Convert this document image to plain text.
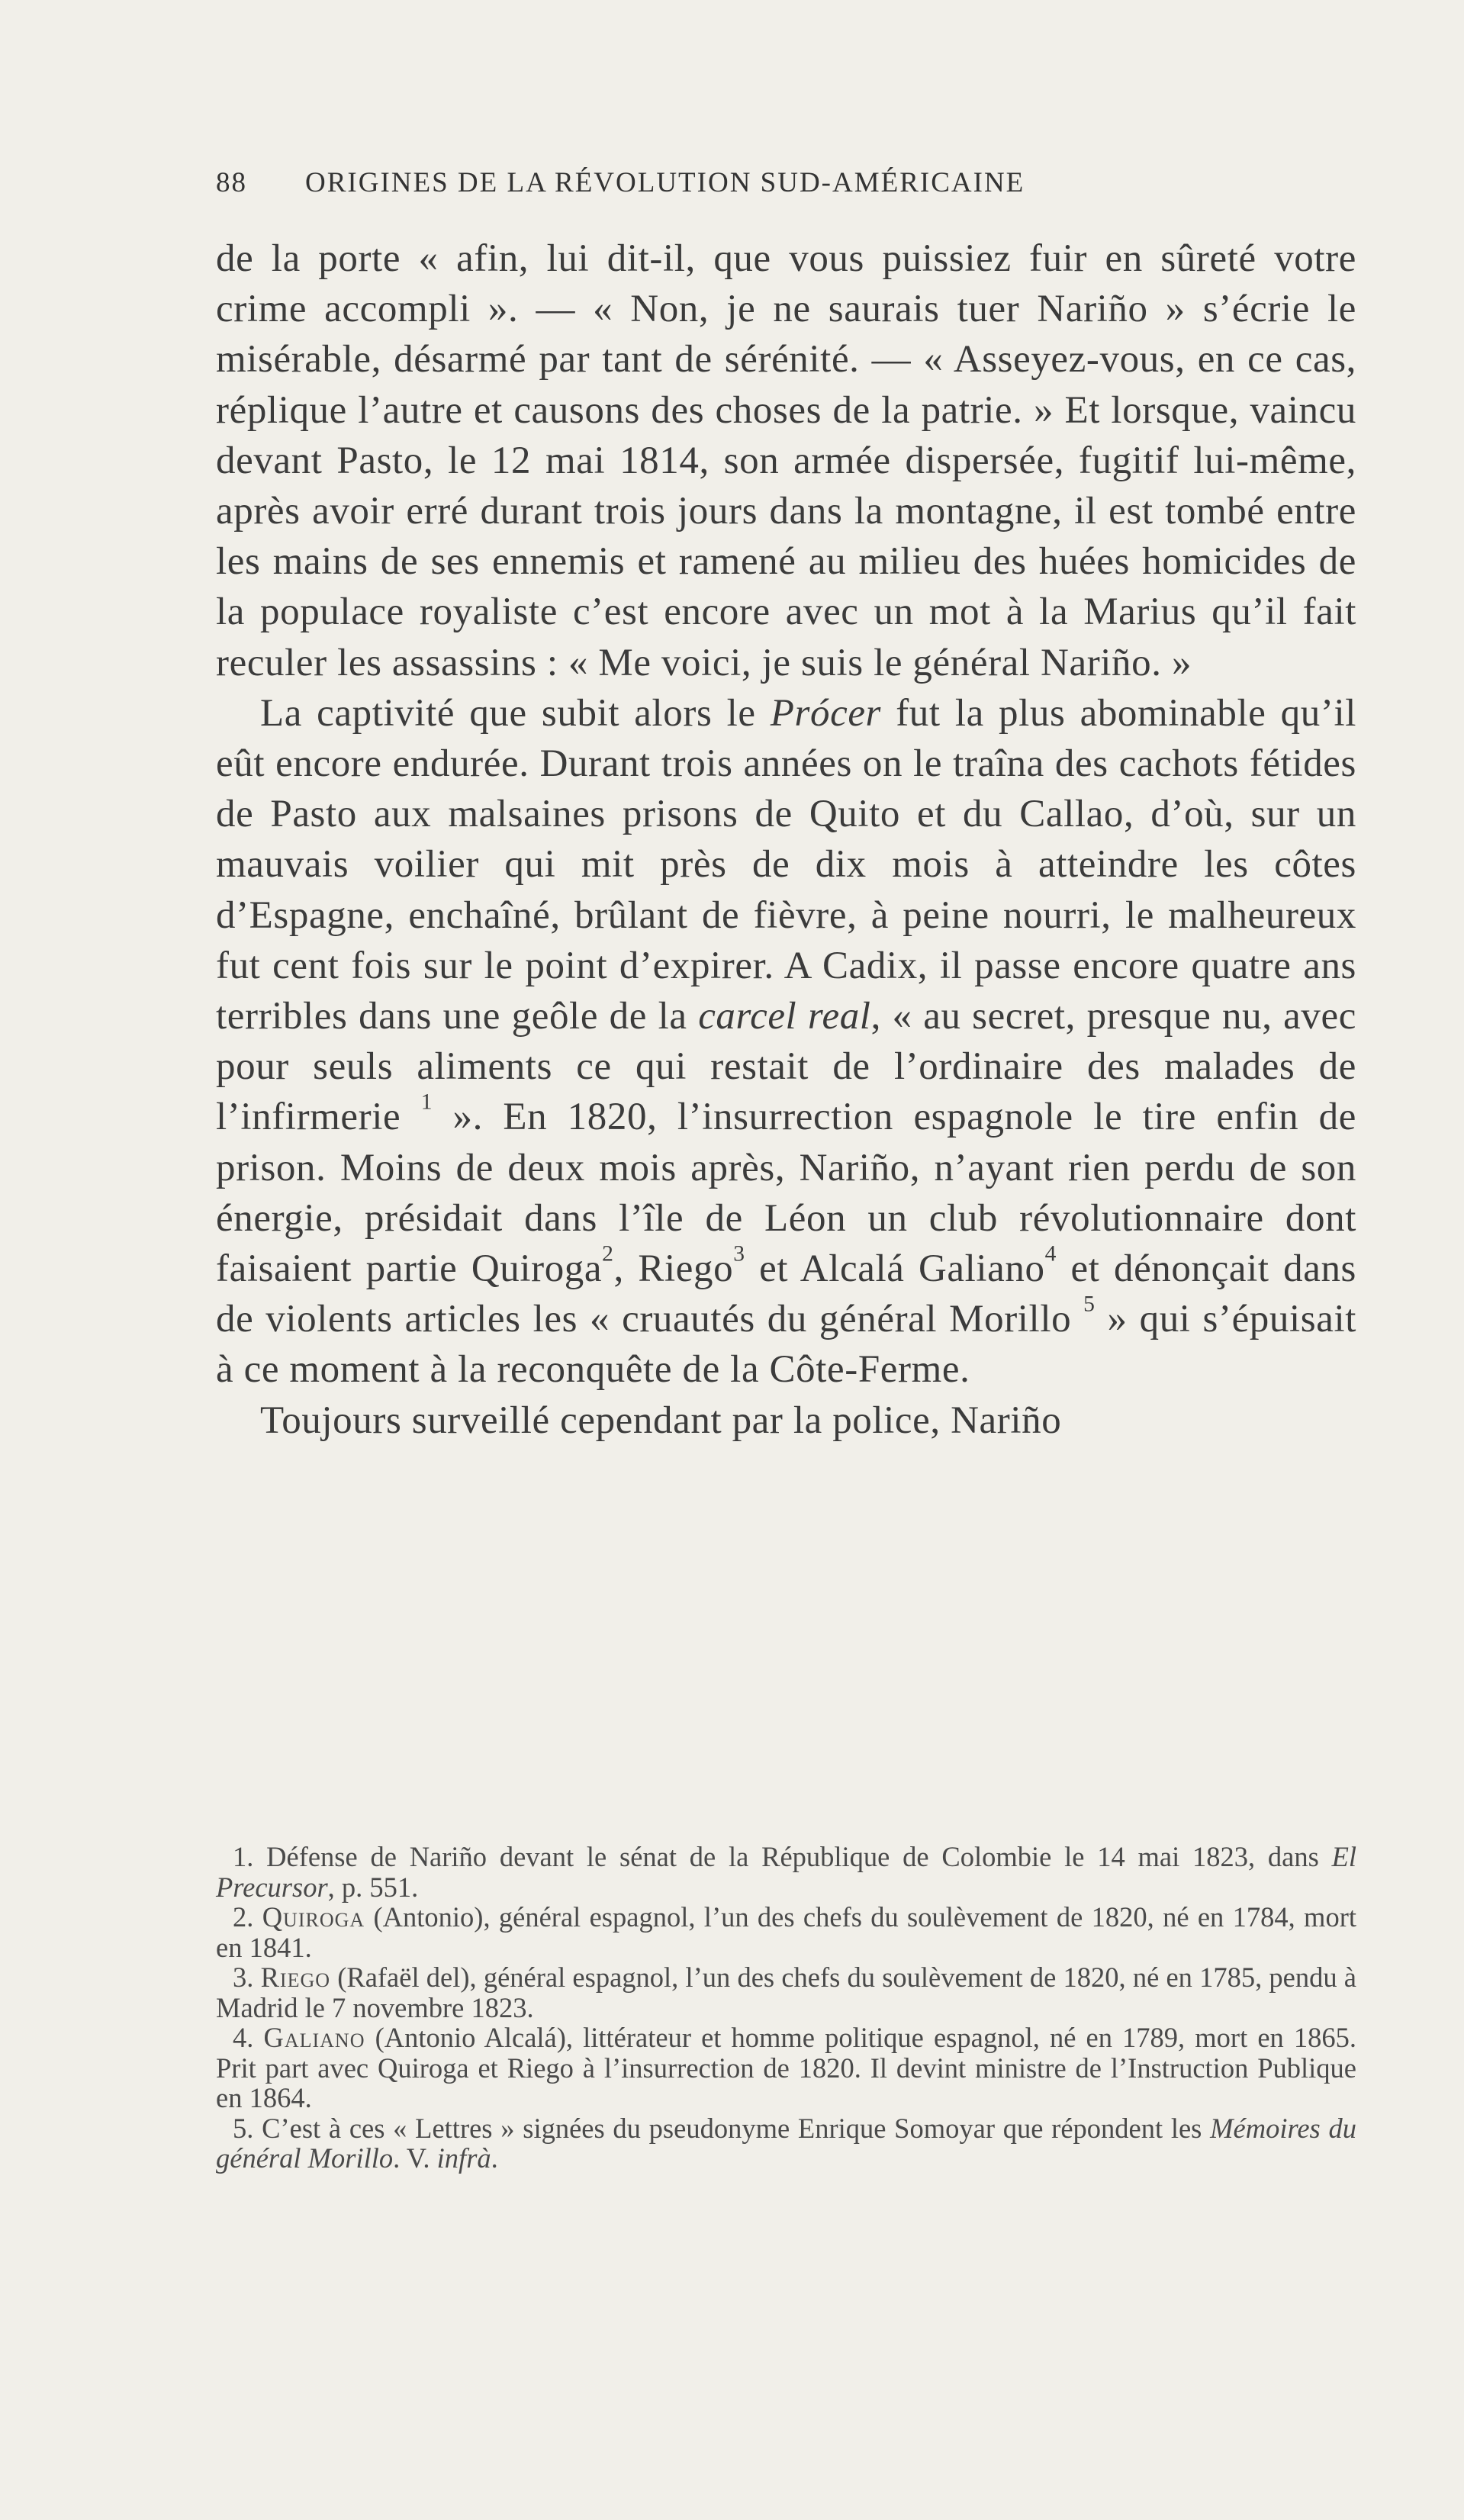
88 ORIGINES DE LA RÉVOLUTION SUD-AMÉRICAINE

de la porte « afin, lui dit-il, que vous puissiez fuir en sûreté votre crime accompli ». — « Non, je ne saurais tuer Nariño » s’écrie le misérable, désarmé par tant de sérénité. — « Asseyez-vous, en ce cas, réplique l’autre et causons des choses de la patrie. » Et lorsque, vaincu devant Pasto, le 12 mai 1814, son armée dispersée, fugitif lui-même, après avoir erré durant trois jours dans la montagne, il est tombé entre les mains de ses ennemis et ramené au milieu des huées homicides de la populace royaliste c’est encore avec un mot à la Marius qu’il fait reculer les assassins : « Me voici, je suis le général Nariño. »

La captivité que subit alors le Prócer fut la plus abominable qu’il eût encore endurée. Durant trois années on le traîna des cachots fétides de Pasto aux malsaines prisons de Quito et du Callao, d’où, sur un mauvais voilier qui mit près de dix mois à atteindre les côtes d’Espagne, enchaîné, brûlant de fièvre, à peine nourri, le malheureux fut cent fois sur le point d’expirer. A Cadix, il passe encore quatre ans terribles dans une geôle de la carcel real, « au secret, presque nu, avec pour seuls aliments ce qui restait de l’ordinaire des malades de l’infirmerie $^1$ ». En 1820, l’insurrection espagnole le tire enfin de prison. Moins de deux mois après, Nariño, n’ayant rien perdu de son énergie, présidait dans l’île de Léon un club révolutionnaire dont faisaient partie Quiroga$^2$, Riego$^3$ et Alcalá Galiano$^4$ et dénonçait dans de violents articles les « cruautés du général Morillo $^5$ » qui s’épuisait à ce moment à la reconquête de la Côte-Ferme.

Toujours surveillé cependant par la police, Nariño

1. Défense de Nariño devant le sénat de la République de Colombie le 14 mai 1823, dans El Precursor, p. 551.

2. Quiroga (Antonio), général espagnol, l’un des chefs du soulèvement de 1820, né en 1784, mort en 1841.

3. Riego (Rafaël del), général espagnol, l’un des chefs du soulèvement de 1820, né en 1785, pendu à Madrid le 7 novembre 1823.

4. Galiano (Antonio Alcalá), littérateur et homme politique espagnol, né en 1789, mort en 1865. Prit part avec Quiroga et Riego à l’insurrection de 1820. Il devint ministre de l’Instruction Publique en 1864.

5. C’est à ces « Lettres » signées du pseudonyme Enrique Somoyar que répondent les Mémoires du général Morillo. V. infrà.
